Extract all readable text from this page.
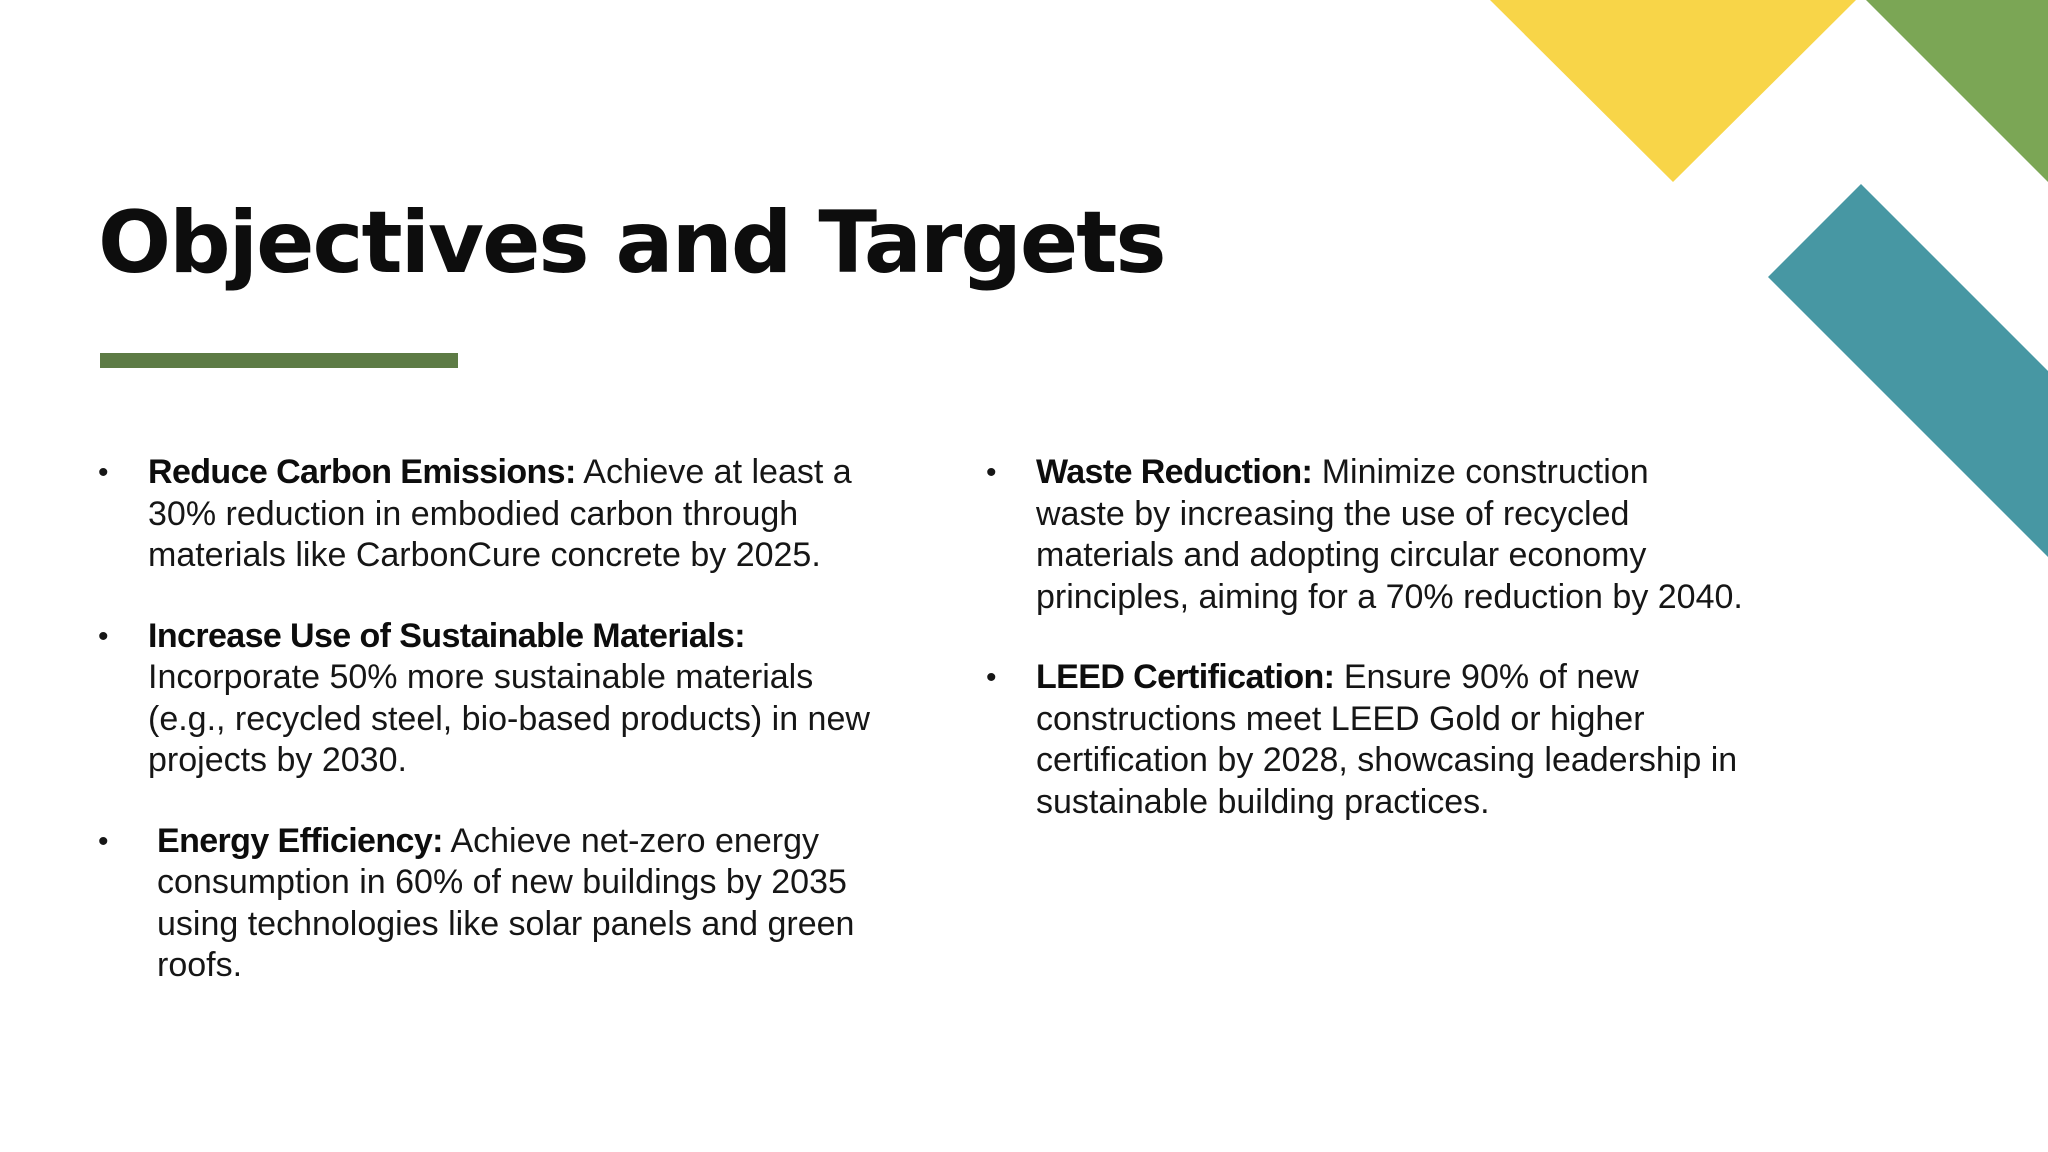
Objectives and Targets
• Reduce Carbon Emissions: Achieve at least a 30% reduction in embodied carbon through materials like CarbonCure concrete by 2025.
• Increase Use of Sustainable Materials: Incorporate 50% more sustainable materials (e.g., recycled steel, bio-based products) in new projects by 2030.
• Energy Efficiency: Achieve net-zero energy consumption in 60% of new buildings by 2035 using technologies like solar panels and green roofs.
• Waste Reduction: Minimize construction waste by increasing the use of recycled materials and adopting circular economy principles, aiming for a 70% reduction by 2040.
• LEED Certification: Ensure 90% of new constructions meet LEED Gold or higher certification by 2028, showcasing leadership in sustainable building practices.
